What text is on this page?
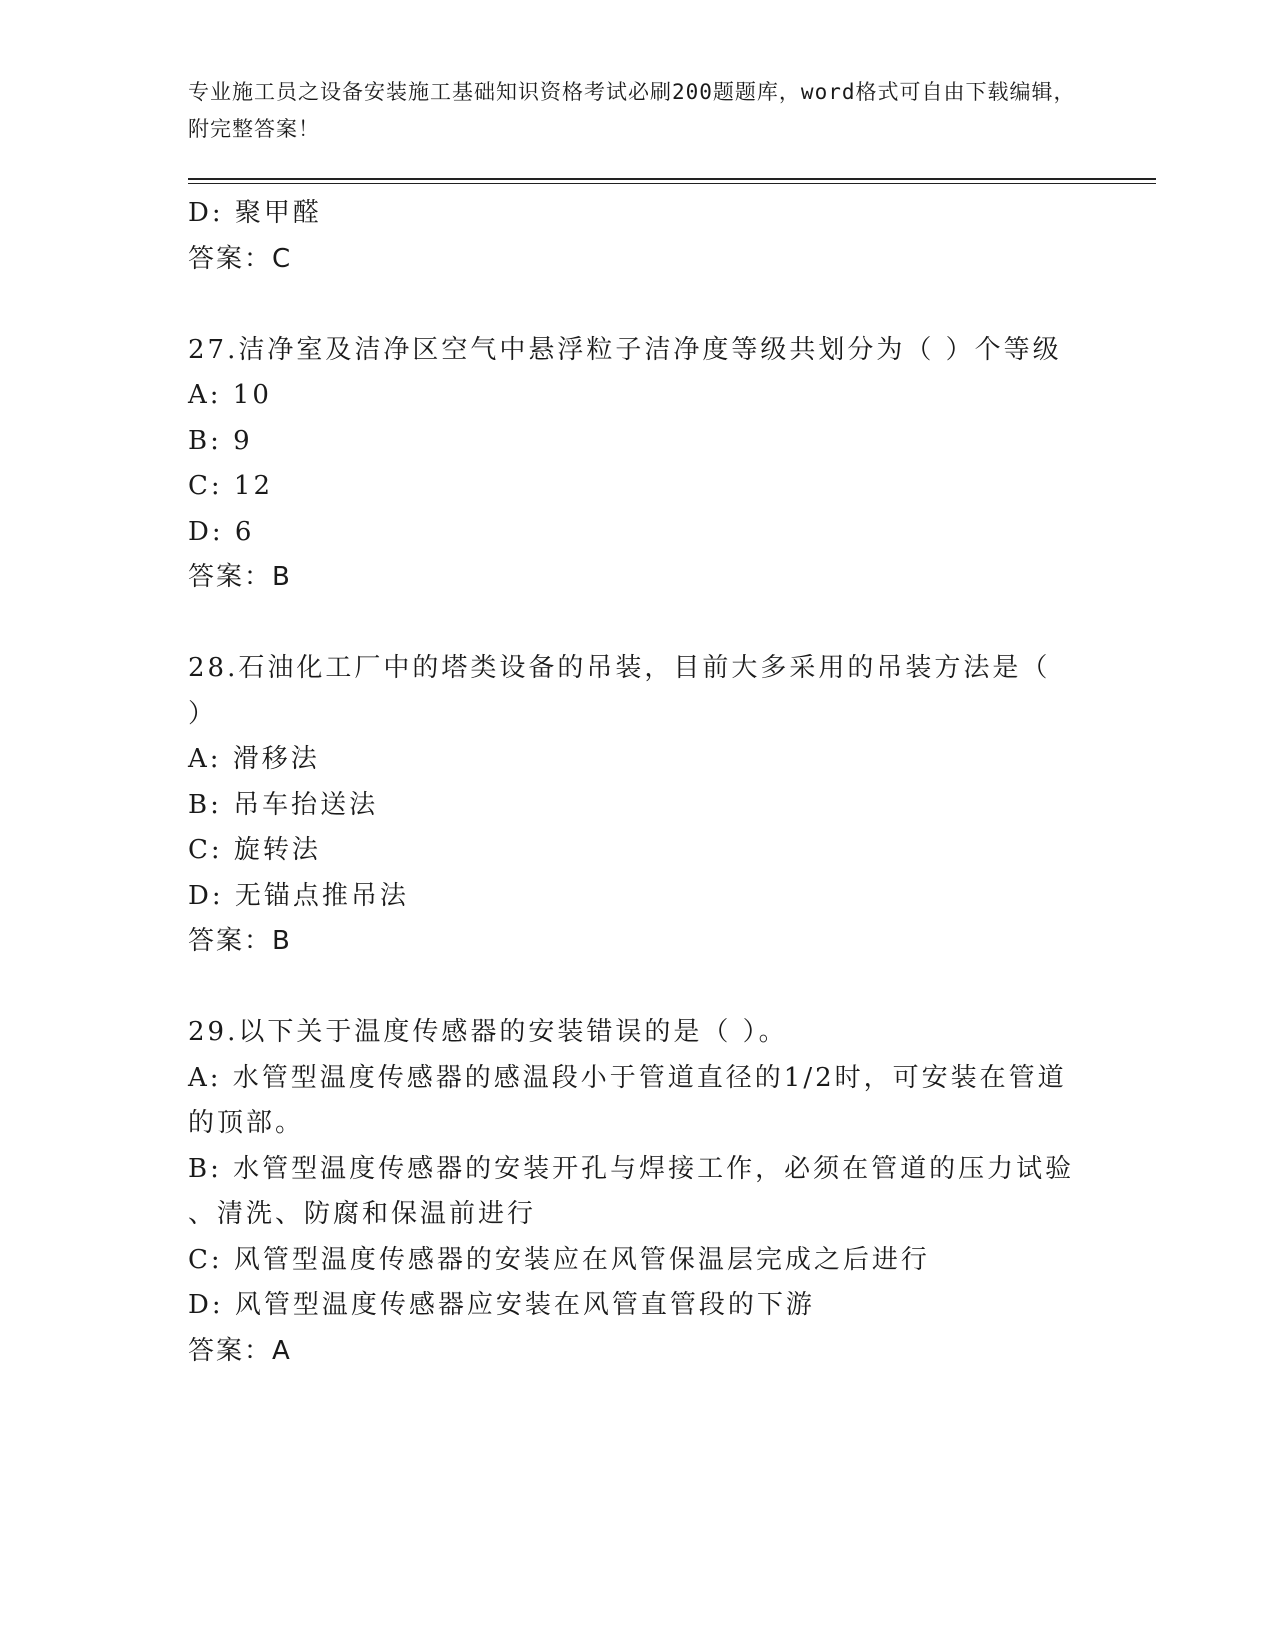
专业施工员之设备安装施工基础知识资格考试必刷200题题库，word格式可自由下载编辑，附完整答案！

D: 聚甲醛

答案：C

27.洁净室及洁净区空气中悬浮粒子洁净度等级共划分为（ ）个等级

A: 10

B: 9

C: 12

D: 6

答案：B

28.石油化工厂中的塔类设备的吊装，目前大多采用的吊装方法是（

）

A: 滑移法

B: 吊车抬送法

C: 旋转法

D: 无锚点推吊法

答案：B

29.以下关于温度传感器的安装错误的是（ ）。

A: 水管型温度传感器的感温段小于管道直径的1/2时，可安装在管道

的顶部。

B: 水管型温度传感器的安装开孔与焊接工作，必须在管道的压力试验

、清洗、防腐和保温前进行

C: 风管型温度传感器的安装应在风管保温层完成之后进行

D: 风管型温度传感器应安装在风管直管段的下游

答案：A
